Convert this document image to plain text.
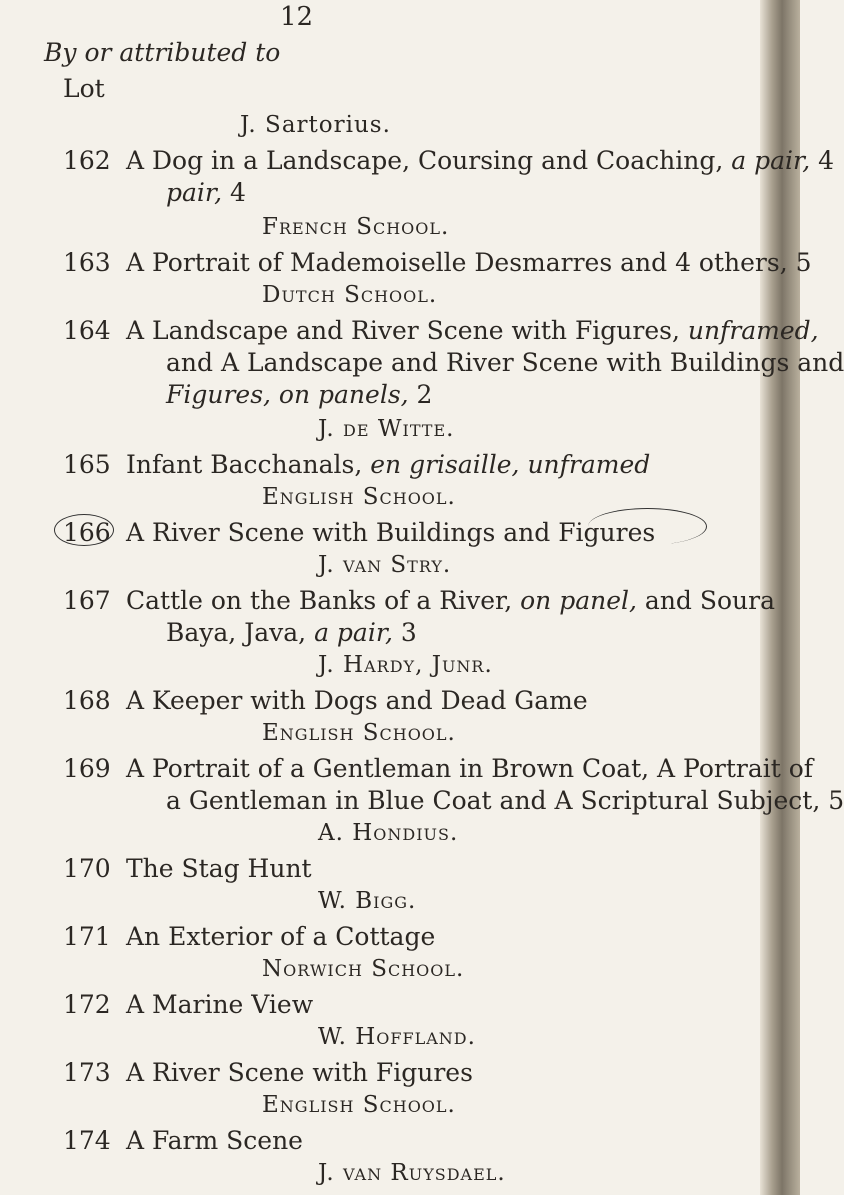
12
By or attributed to
Lot
J. Sartorius.
162 A Dog in a Landscape, Coursing and Coaching, a pair, 4
pair, 4
French School.
163 A Portrait of Mademoiselle Desmarres and 4 others, 5
Dutch School.
164 A Landscape and River Scene with Figures, unframed,
and A Landscape and River Scene with Buildings and
Figures, on panels, 2
J. de Witte.
165 Infant Bacchanals, en grisaille, unframed
English School.
166 A River Scene with Buildings and Figures
J. van Stry.
167 Cattle on the Banks of a River, on panel, and Soura
Baya, Java, a pair, 3
J. Hardy, Junr.
168 A Keeper with Dogs and Dead Game
English School.
169 A Portrait of a Gentleman in Brown Coat, A Portrait of
a Gentleman in Blue Coat and A Scriptural Subject, 5
A. Hondius.
170 The Stag Hunt
W. Bigg.
171 An Exterior of a Cottage
Norwich School.
172 A Marine View
W. Hoffland.
173 A River Scene with Figures
English School.
174 A Farm Scene
J. van Ruysdael.
